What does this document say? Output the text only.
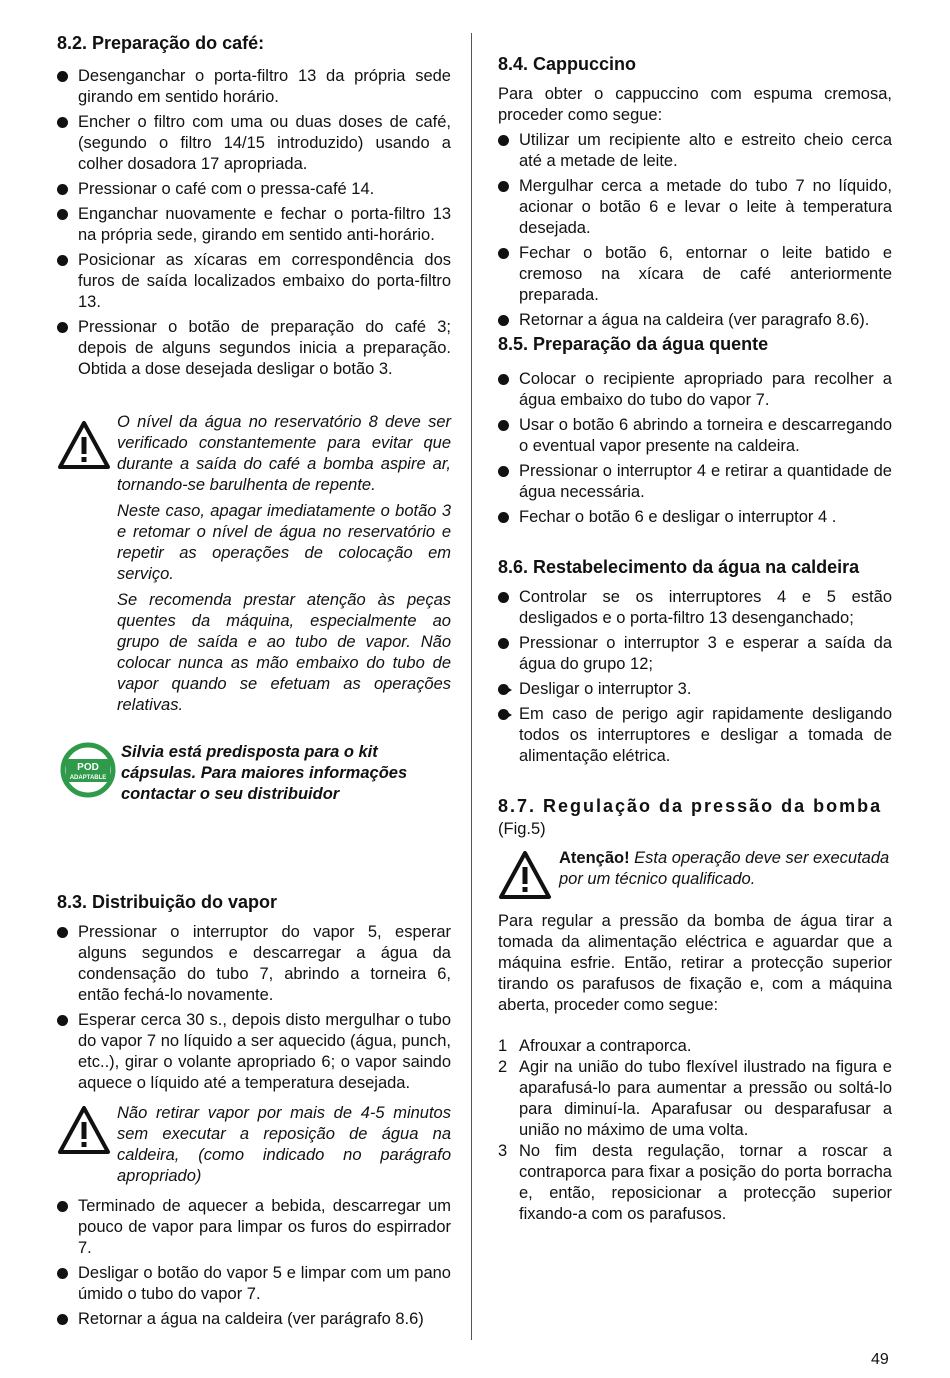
8.2. Preparação do café:
Desenganchar o porta-filtro 13 da própria sede girando em sentido horário.
Encher o filtro com uma ou duas doses de café, (segundo o filtro 14/15 introduzido) usando a colher dosadora 17 apropriada.
Pressionar o café com o pressa-café 14.
Enganchar nuovamente e fechar o porta-filtro 13 na própria sede, girando em sentido anti-horário.
Posicionar as xícaras em correspondência dos furos de saída localizados embaixo do porta-filtro 13.
Pressionar o botão de preparação do café 3; depois de alguns segundos inicia a preparação. Obtida a dose desejada desligar o botão 3.

O nível da água no reservatório 8 deve ser verificado constantemente para evitar que durante a saída do café a bomba aspire ar, tornando-se barulhenta de repente.

Neste caso, apagar imediatamente o botão 3 e retomar o nível de água no reservatório e repetir as operações de colocação em serviço.

Se recomenda prestar atenção às peças quentes da máquina, especialmente ao grupo de saída e ao tubo de vapor. Não colocar nunca as mão embaixo do tubo de vapor quando se efetuam as operações relativas.

POD
ADAPTABLE
Silvia está predisposta para o kit cápsulas. Para maiores informações contactar o seu distribuidor
8.3. Distribuição do vapor
Pressionar o interruptor do vapor 5, esperar alguns segundos e descarregar a água da condensação do tubo 7, abrindo a torneira 6, então fechá-lo novamente.
Esperar cerca 30 s., depois disto mergulhar o tubo do vapor 7 no líquido a ser aquecido (água, punch, etc..), girar o volante apropriado 6; o vapor saindo aquece o líquido até a temperatura desejada.

Não retirar vapor por mais de 4-5 minutos sem executar a reposição de água na caldeira, (como indicado no parágrafo apropriado)

Terminado de aquecer a bebida, descarregar um pouco de vapor para limpar os furos do espirrador 7.
Desligar o botão do vapor 5 e limpar com um pano úmido o tubo do vapor 7.
Retornar a água na caldeira (ver parágrafo 8.6)
8.4. Cappuccino

Para obter o cappuccino com espuma cremosa, proceder como segue:

Utilizar um recipiente alto e estreito cheio cerca até a metade de leite.
Mergulhar cerca a metade do tubo 7 no líquido, acionar o botão 6 e levar o leite à temperatura desejada.
Fechar o botão 6, entornar o leite batido e cremoso na xícara de café anteriormente preparada.
Retornar a água na caldeira (ver paragrafo 8.6).
8.5. Preparação da água quente
Colocar o recipiente apropriado para recolher a água embaixo do tubo do vapor 7.
Usar o botão 6 abrindo a torneira e descarregando o eventual vapor presente na caldeira.
Pressionar o interruptor 4 e retirar a quantidade de água necessária.
Fechar o botão 6 e desligar o interruptor 4 .
8.6. Restabelecimento da água na caldeira
Controlar se os interruptores 4 e 5 estão desligados e o porta-filtro 13 desenganchado;
Pressionar o interruptor 3 e esperar a saída da água do grupo 12;
Desligar o interruptor 3.
Em caso de perigo agir rapidamente desligando todos os interruptores e desligar a tomada de alimentação elétrica.
8.7. Regulação da pressão da bomba
(Fig.5)
Atenção! Esta operação deve ser executada por um técnico qualificado.

Para regular a pressão da bomba de água tirar a tomada da alimentação eléctrica e aguardar que a máquina esfrie. Então, retirar a protecção superior tirando os parafusos de fixação e, com a máquina aberta, proceder como segue:

1 Afrouxar a contraporca.
2 Agir na união do tubo flexível ilustrado na figura e aparafusá-lo para aumentar a pressão ou soltá-lo para diminuí-la. Aparafusar ou desparafusar a união no máximo de uma volta.
3 No fim desta regulação, tornar a roscar a contraporca para fixar a posição do porta borracha e, então, reposicionar a protecção superior fixando-a com os parafusos.
49
